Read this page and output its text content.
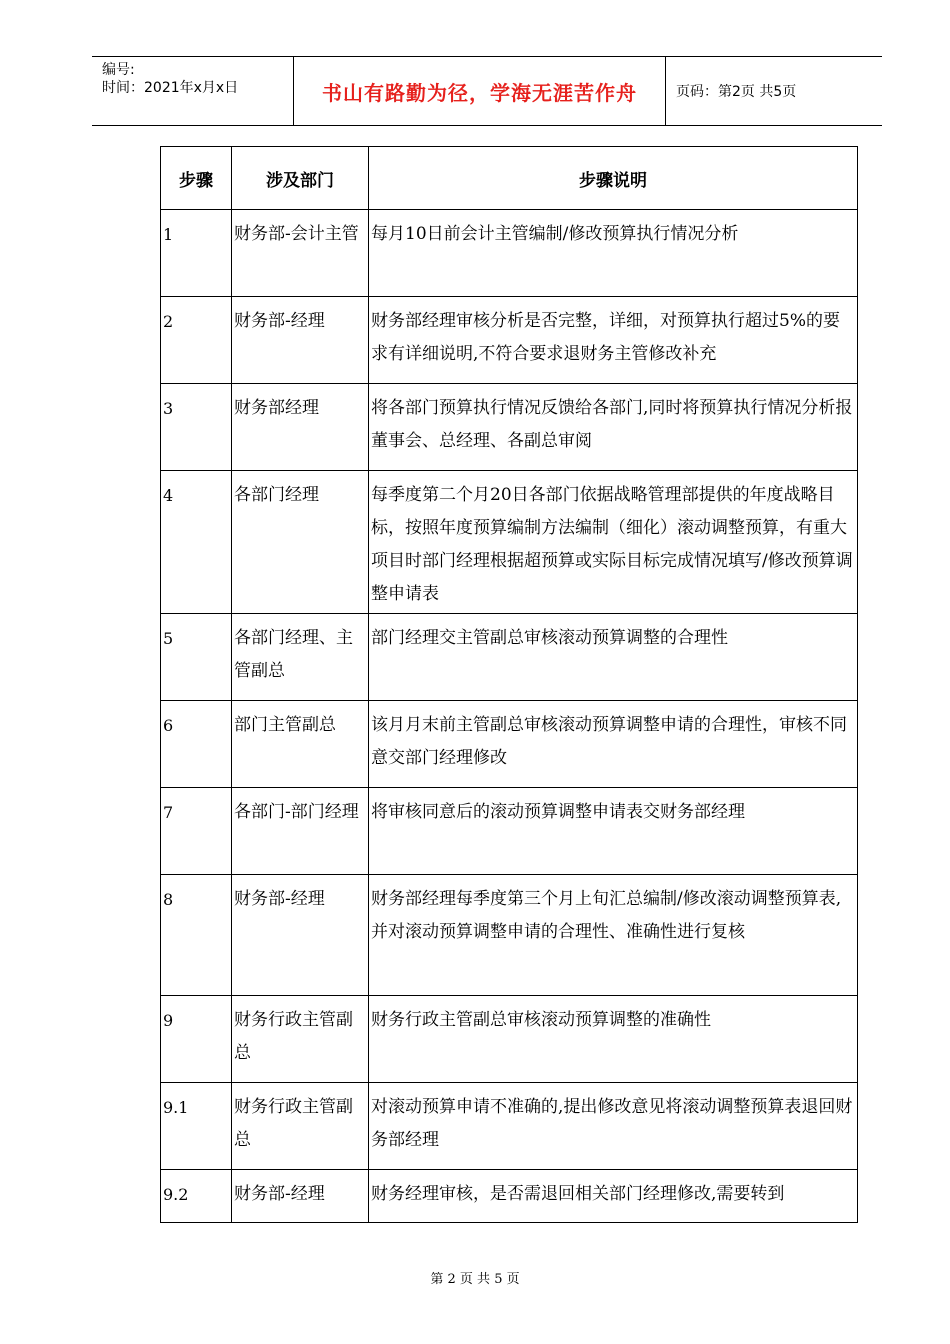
编号:
时间：2021年x月x日	书山有路勤为径，学海无涯苦作舟	页码：第2页 共5页
步骤	涉及部门	步骤说明

1	财务部-会计主管	每月10日前会计主管编制/修改预算执行情况分析

2	财务部-经理	财务部经理审核分析是否完整，详细，对预算执行超过5%的要求有详细说明,不符合要求退财务主管修改补充

3	财务部经理	将各部门预算执行情况反馈给各部门,同时将预算执行情况分析报董事会、总经理、各副总审阅

4	各部门经理	每季度第二个月20日各部门依据战略管理部提供的年度战略目标，按照年度预算编制方法编制（细化）滚动调整预算，有重大项目时部门经理根据超预算或实际目标完成情况填写/修改预算调整申请表

5	各部门经理、主管副总	部门经理交主管副总审核滚动预算调整的合理性

6	部门主管副总	该月月末前主管副总审核滚动预算调整申请的合理性，审核不同意交部门经理修改

7	各部门-部门经理	将审核同意后的滚动预算调整申请表交财务部经理

8	财务部-经理	财务部经理每季度第三个月上旬汇总编制/修改滚动调整预算表,并对滚动预算调整申请的合理性、准确性进行复核

9	财务行政主管副总	财务行政主管副总审核滚动预算调整的准确性

9.1	财务行政主管副总	对滚动预算申请不准确的,提出修改意见将滚动调整预算表退回财务部经理

9.2	财务部-经理	财务经理审核，是否需退回相关部门经理修改,需要转到
第 2 页 共 5 页
